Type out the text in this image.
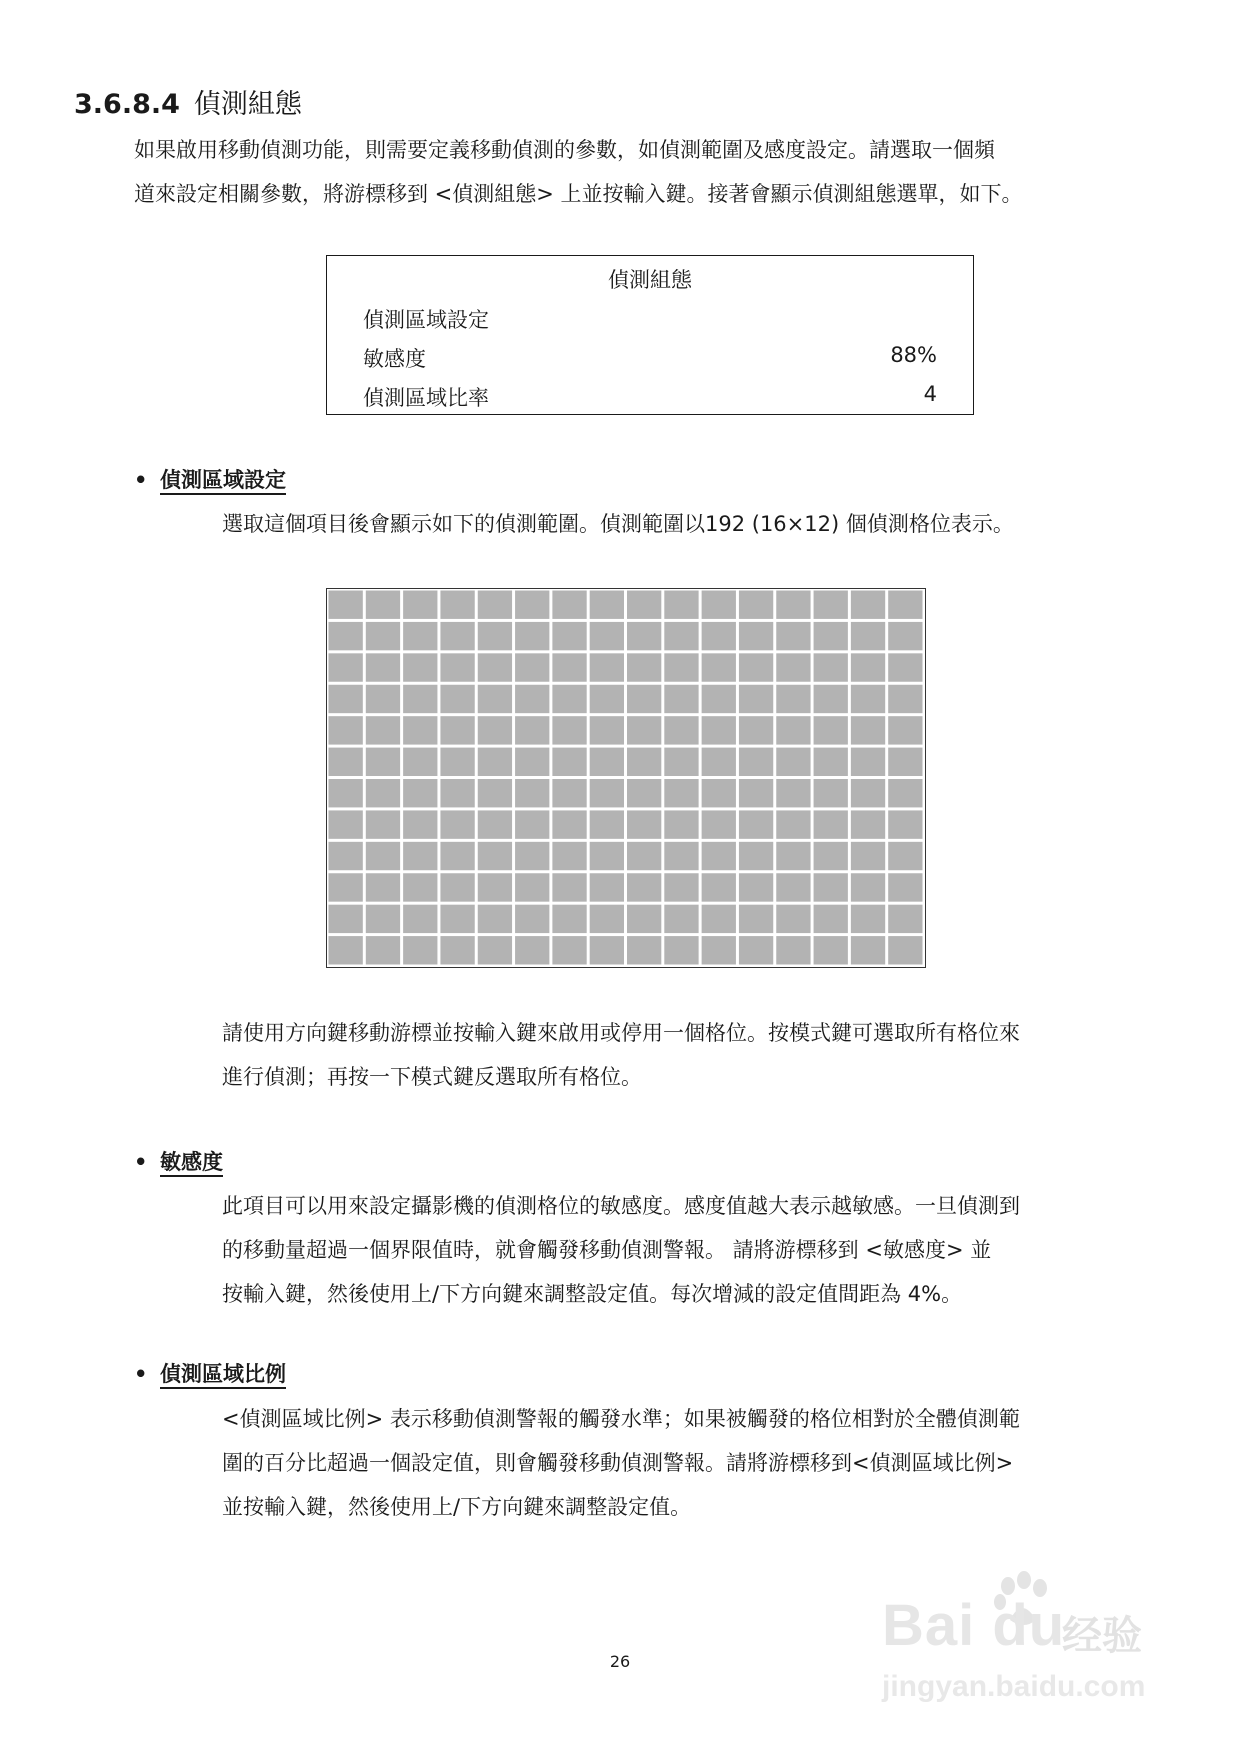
3.6.8.4 偵測組態
如果啟用移動偵測功能，則需要定義移動偵測的參數，如偵測範圍及感度設定。請選取一個頻
道來設定相關參數，將游標移到 <偵測組態> 上並按輸入鍵。接著會顯示偵測組態選單，如下。
偵測組態
偵測區域設定
敏感度	88%
偵測區域比率	4
• 偵測區域設定
選取這個項目後會顯示如下的偵測範圍。偵測範圍以192 (16×12) 個偵測格位表示。
請使用方向鍵移動游標並按輸入鍵來啟用或停用一個格位。按模式鍵可選取所有格位來
進行偵測；再按一下模式鍵反選取所有格位。
• 敏感度
此項目可以用來設定攝影機的偵測格位的敏感度。感度值越大表示越敏感。一旦偵測到
的移動量超過一個界限值時，就會觸發移動偵測警報。 請將游標移到 <敏感度> 並
按輸入鍵，然後使用上/下方向鍵來調整設定值。每次增減的設定值間距為 4%。
• 偵測區域比例
<偵測區域比例> 表示移動偵測警報的觸發水準；如果被觸發的格位相對於全體偵測範
圍的百分比超過一個設定值，則會觸發移動偵測警報。請將游標移到<偵測區域比例>
並按輸入鍵，然後使用上/下方向鍵來調整設定值。
26
Bai du
经验
jingyan.baidu.com
